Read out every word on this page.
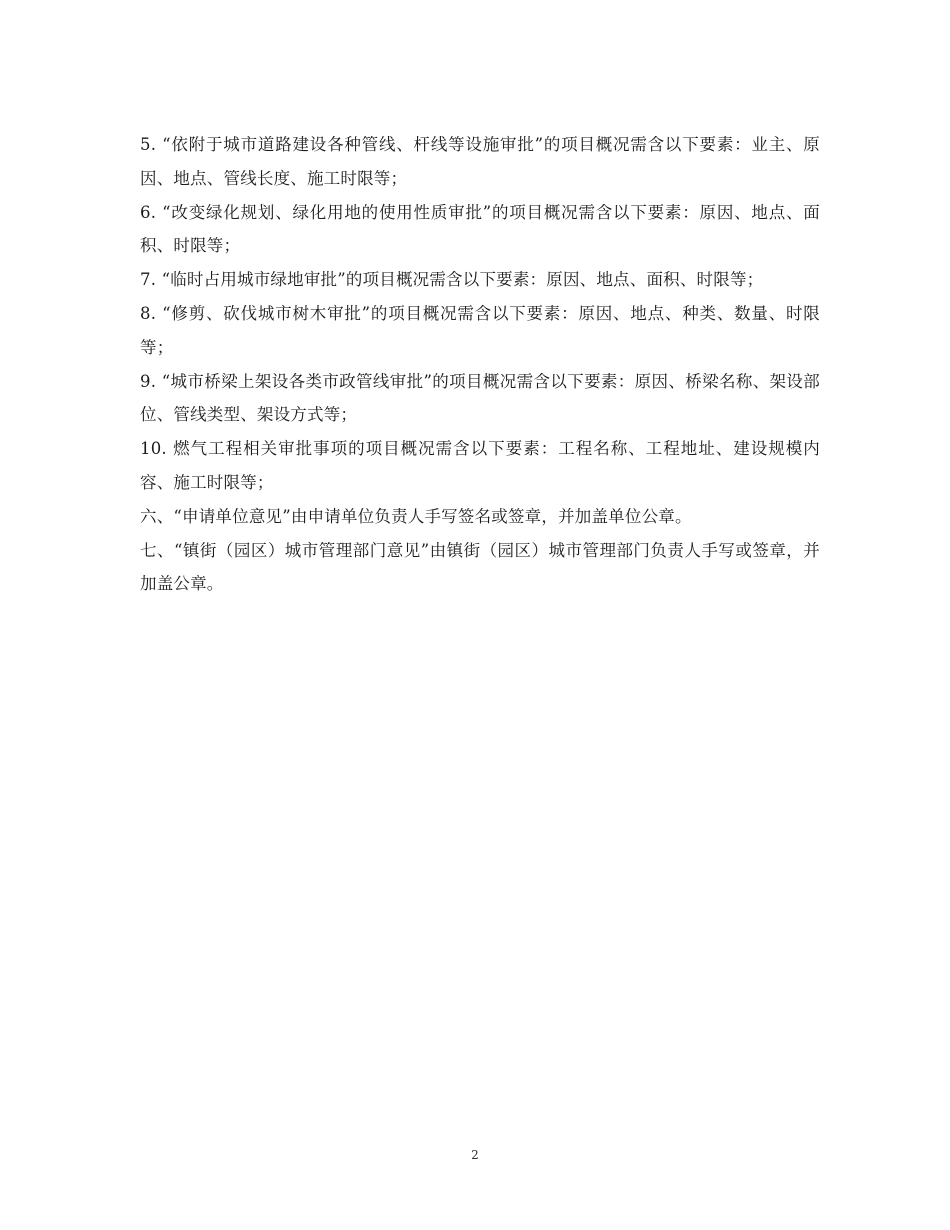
5. “依附于城市道路建设各种管线、杆线等设施审批”的项目概况需含以下要素：业主、原因、地点、管线长度、施工时限等；

6. “改变绿化规划、绿化用地的使用性质审批”的项目概况需含以下要素：原因、地点、面积、时限等；

7. “临时占用城市绿地审批”的项目概况需含以下要素：原因、地点、面积、时限等；

8. “修剪、砍伐城市树木审批”的项目概况需含以下要素：原因、地点、种类、数量、时限等；

9. “城市桥梁上架设各类市政管线审批”的项目概况需含以下要素：原因、桥梁名称、架设部位、管线类型、架设方式等；

10. 燃气工程相关审批事项的项目概况需含以下要素：工程名称、工程地址、建设规模内容、施工时限等；

六、“申请单位意见”由申请单位负责人手写签名或签章，并加盖单位公章。

七、“镇街（园区）城市管理部门意见”由镇街（园区）城市管理部门负责人手写或签章，并加盖公章。

2
